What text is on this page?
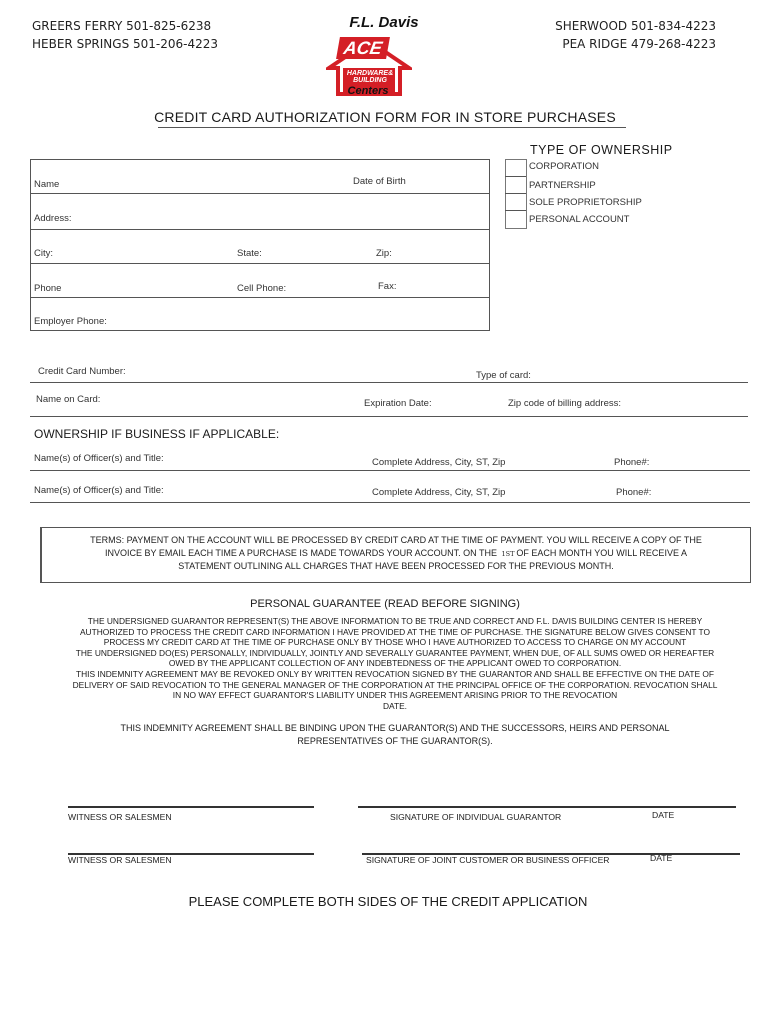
GREERS FERRY 501-825-6238
HEBER SPRINGS 501-206-4223
SHERWOOD 501-834-4223
PEA RIDGE 479-268-4223
F.L. Davis
ACE
HOME
HARDWARE&
BUILDING
Centers
CREDIT CARD AUTHORIZATION FORM FOR IN STORE PURCHASES
TYPE OF OWNERSHIP
CORPORATION
PARTNERSHIP
SOLE PROPRIETORSHIP
PERSONAL ACCOUNT
Name	Date of Birth
Address:
City:	State:	Zip:
Phone	Cell Phone:	Fax:
Employer Phone:
Credit Card Number:	Type of card:
Name on Card:	Expiration Date:	Zip code of billing address:
OWNERSHIP IF BUSINESS IF APPLICABLE:
Name(s) of Officer(s) and Title:	Complete Address, City, ST, Zip	Phone#:
Name(s) of Officer(s) and Title:	Complete Address, City, ST, Zip	Phone#:
TERMS: PAYMENT ON THE ACCOUNT WILL BE PROCESSED BY CREDIT CARD AT THE TIME OF PAYMENT. YOU WILL RECEIVE A COPY OF THE
INVOICE BY EMAIL EACH TIME A PURCHASE IS MADE TOWARDS YOUR ACCOUNT. ON THE 1ST OF EACH MONTH YOU WILL RECEIVE A
STATEMENT OUTLINING ALL CHARGES THAT HAVE BEEN PROCESSED FOR THE PREVIOUS MONTH.
PERSONAL GUARANTEE (READ BEFORE SIGNING)
THE UNDERSIGNED GUARANTOR REPRESENT(S) THE ABOVE INFORMATION TO BE TRUE AND CORRECT AND F.L. DAVIS BUILDING CENTER IS HEREBY
AUTHORIZED TO PROCESS THE CREDIT CARD INFORMATION I HAVE PROVIDED AT THE TIME OF PURCHASE. THE SIGNATURE BELOW GIVES CONSENT TO
PROCESS MY CREDIT CARD AT THE TIME OF PURCHASE ONLY BY THOSE WHO I HAVE AUTHORIZED TO ACCESS TO CHARGE ON MY ACCOUNT
THE UNDERSIGNED DO(ES) PERSONALLY, INDIVIDUALLY, JOINTLY AND SEVERALLY GUARANTEE PAYMENT, WHEN DUE, OF ALL SUMS OWED OR HEREAFTER
OWED BY THE APPLICANT COLLECTION OF ANY INDEBTEDNESS OF THE APPLICANT OWED TO CORPORATION.
THIS INDEMNITY AGREEMENT MAY BE REVOKED ONLY BY WRITTEN REVOCATION SIGNED BY THE GUARANTOR AND SHALL BE EFFECTIVE ON THE DATE OF
DELIVERY OF SAID REVOCATION TO THE GENERAL MANAGER OF THE CORPORATION AT THE PRINCIPAL OFFICE OF THE CORPORATION. REVOCATION SHALL
IN NO WAY EFFECT GUARANTOR'S LIABILITY UNDER THIS AGREEMENT ARISING PRIOR TO THE REVOCATION
DATE.
THIS INDEMNITY AGREEMENT SHALL BE BINDING UPON THE GUARANTOR(S) AND THE SUCCESSORS, HEIRS AND PERSONAL
REPRESENTATIVES OF THE GUARANTOR(S).
WITNESS OR SALESMEN	SIGNATURE OF INDIVIDUAL GUARANTOR	DATE
WITNESS OR SALESMEN	SIGNATURE OF JOINT CUSTOMER OR BUSINESS OFFICER	DATE
PLEASE COMPLETE BOTH SIDES OF THE CREDIT APPLICATION
